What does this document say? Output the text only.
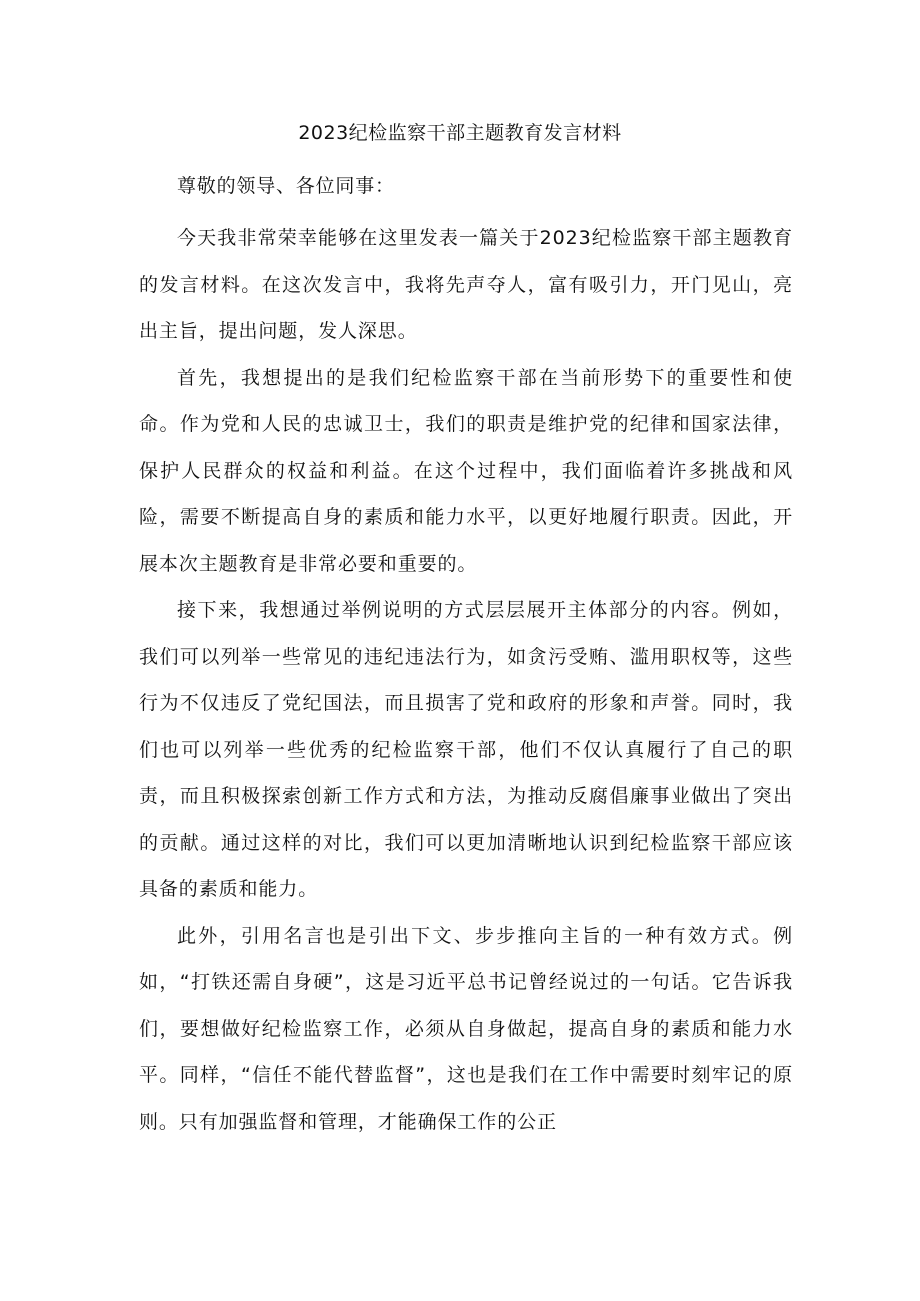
2023纪检监察干部主题教育发言材料

尊敬的领导、各位同事：

今天我非常荣幸能够在这里发表一篇关于2023纪检监察干部主题教育的发言材料。在这次发言中，我将先声夺人，富有吸引力，开门见山，亮出主旨，提出问题，发人深思。

首先，我想提出的是我们纪检监察干部在当前形势下的重要性和使命。作为党和人民的忠诚卫士，我们的职责是维护党的纪律和国家法律，保护人民群众的权益和利益。在这个过程中，我们面临着许多挑战和风险，需要不断提高自身的素质和能力水平，以更好地履行职责。因此，开展本次主题教育是非常必要和重要的。

接下来，我想通过举例说明的方式层层展开主体部分的内容。例如，我们可以列举一些常见的违纪违法行为，如贪污受贿、滥用职权等，这些行为不仅违反了党纪国法，而且损害了党和政府的形象和声誉。同时，我们也可以列举一些优秀的纪检监察干部，他们不仅认真履行了自己的职责，而且积极探索创新工作方式和方法，为推动反腐倡廉事业做出了突出的贡献。通过这样的对比，我们可以更加清晰地认识到纪检监察干部应该具备的素质和能力。

此外，引用名言也是引出下文、步步推向主旨的一种有效方式。例如，“打铁还需自身硬”，这是习近平总书记曾经说过的一句话。它告诉我们，要想做好纪检监察工作，必须从自身做起，提高自身的素质和能力水平。同样，“信任不能代替监督”，这也是我们在工作中需要时刻牢记的原则。只有加强监督和管理，才能确保工作的公正
